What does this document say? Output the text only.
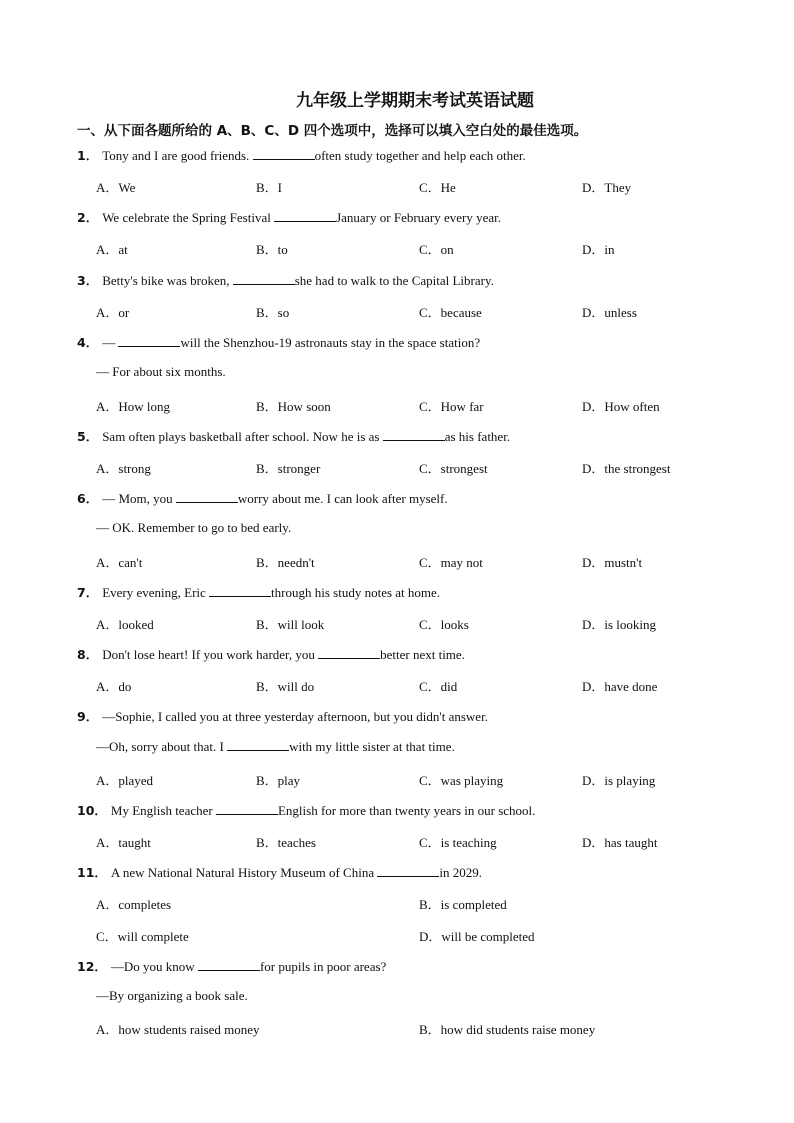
九年级上学期期末考试英语试题
一、从下面各题所给的 A、B、C、D 四个选项中，选择可以填入空白处的最佳选项。
1． Tony and I are good friends.	often study together and help each other.
A．We	B．I	C．He	D．They
2． We celebrate the Spring Festival	January or February every year.
A．at	B．to	C．on	D．in
3． Betty's bike was broken,	she had to walk to the Capital Library.
A．or	B．so	C．because	D．unless
4． —	will the Shenzhou-19 astronauts stay in the space station?
— For about six months.
A．How long	B．How soon	C．How far	D．How often
5． Sam often plays basketball after school. Now he is as	as his father.
A．strong	B．stronger	C．strongest	D．the strongest
6． — Mom, you	worry about me. I can look after myself.
— OK. Remember to go to bed early.
A．can't	B．needn't	C．may not	D．mustn't
7． Every evening, Eric	through his study notes at home.
A．looked	B．will look	C．looks	D．is looking
8． Don't lose heart! If you work harder, you	better next time.
A．do	B．will do	C．did	D．have done
9． —Sophie, I called you at three yesterday afternoon, but you didn't answer.
—Oh, sorry about that. I	with my little sister at that time.
A．played	B．play	C．was playing	D．is playing
10． My English teacher	English for more than twenty years in our school.
A．taught	B．teaches	C．is teaching	D．has taught
11． A new National Natural History Museum of China	in 2029.
A．completes	B．is completed
C．will complete	D．will be completed
12． —Do you know	for pupils in poor areas?
—By organizing a book sale.
A．how students raised money	B．how did students raise money
